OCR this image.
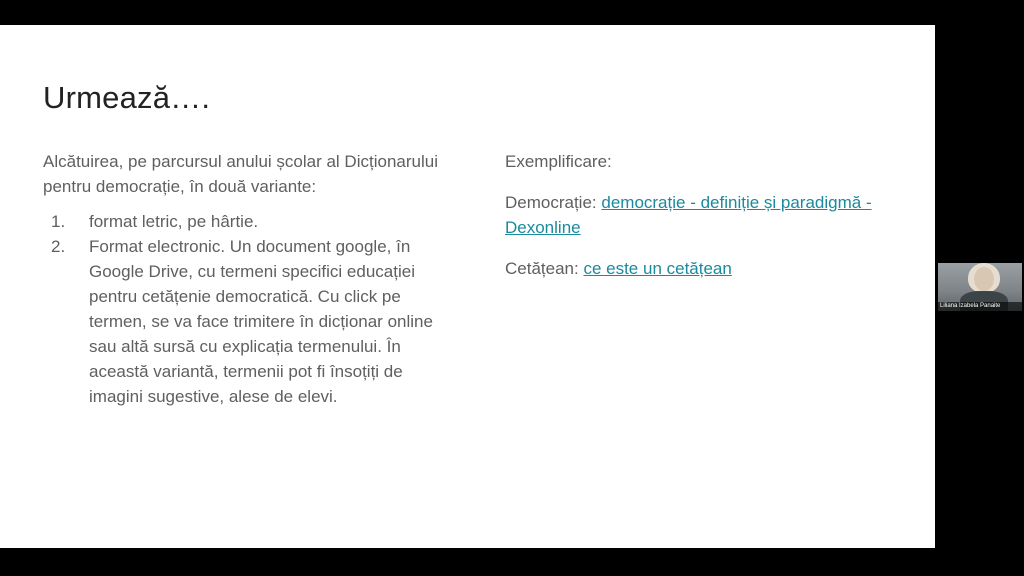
Urmează….

Alcătuirea, pe parcursul anului școlar al Dicționarului pentru democrație, în două variante:

1. format letric, pe hârtie.
2. Format electronic. Un document google, în Google Drive, cu termeni specifici educației pentru cetățenie democratică. Cu click pe termen, se va face trimitere în dicționar online sau altă sursă cu explicația termenului. În această variantă, termenii pot fi însoțiți de imagini sugestive, alese de elevi.

Exemplificare:

Democrație: democrație - definiție și paradigmă - Dexonline

Cetățean: ce este un cetățean

Liliana Izabela Panaite
